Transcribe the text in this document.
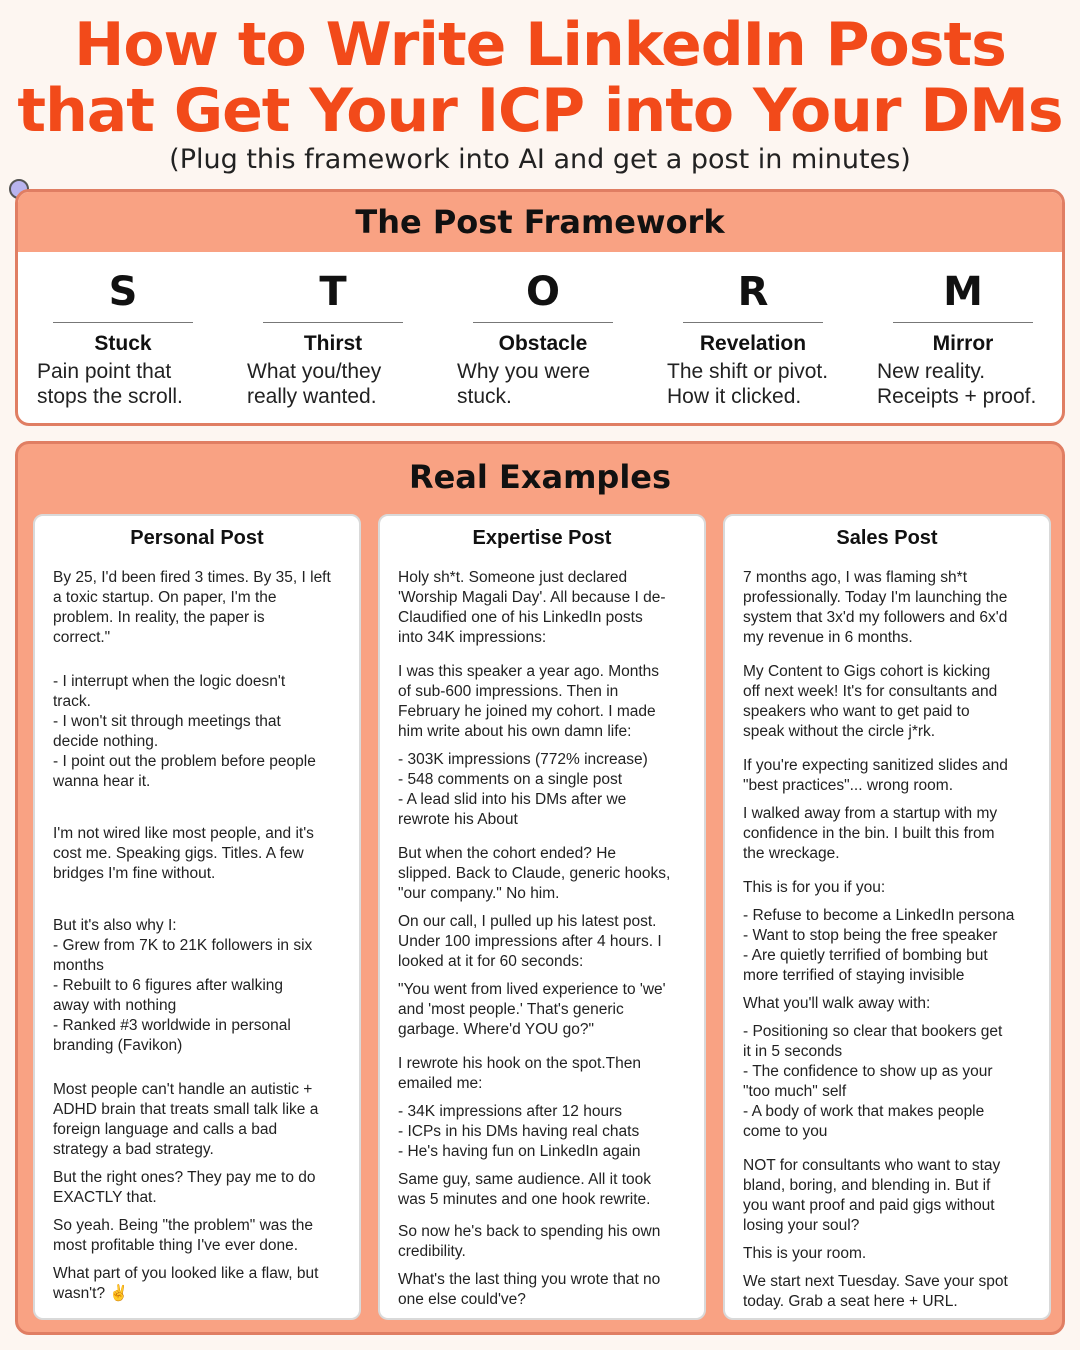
How to Write LinkedIn Posts
that Get Your ICP into Your DMs
(Plug this framework into AI and get a post in minutes)
The Post Framework
S
Stuck
Pain point that
stops the scroll.
T
Thirst
What you/they
really wanted.
O
Obstacle
Why you were
stuck.
R
Revelation
The shift or pivot.
How it clicked.
M
Mirror
New reality.
Receipts + proof.
Real Examples
Personal Post

By 25, I'd been fired 3 times. By 35, I left
a toxic startup. On paper, I'm the
problem. In reality, the paper is
correct."

- I interrupt when the logic doesn't
track.
- I won't sit through meetings that
decide nothing.
- I point out the problem before people
wanna hear it.

I'm not wired like most people, and it's
cost me. Speaking gigs. Titles. A few
bridges I'm fine without.

But it's also why I:
- Grew from 7K to 21K followers in six
months
- Rebuilt to 6 figures after walking
away with nothing
- Ranked #3 worldwide in personal
branding (Favikon)

Most people can't handle an autistic +
ADHD brain that treats small talk like a
foreign language and calls a bad
strategy a bad strategy.

But the right ones? They pay me to do
EXACTLY that.

So yeah. Being "the problem" was the
most profitable thing I've ever done.

What part of you looked like a flaw, but
wasn't? ✌️

Expertise Post

Holy sh*t. Someone just declared
'Worship Magali Day'. All because I de-
Claudified one of his LinkedIn posts
into 34K impressions:

I was this speaker a year ago. Months
of sub-600 impressions. Then in
February he joined my cohort. I made
him write about his own damn life:

- 303K impressions (772% increase)
- 548 comments on a single post
- A lead slid into his DMs after we
rewrote his About

But when the cohort ended? He
slipped. Back to Claude, generic hooks,
"our company." No him.

On our call, I pulled up his latest post.
Under 100 impressions after 4 hours. I
looked at it for 60 seconds:

"You went from lived experience to 'we'
and 'most people.' That's generic
garbage. Where'd YOU go?"

I rewrote his hook on the spot.Then
emailed me:

- 34K impressions after 12 hours
- ICPs in his DMs having real chats
- He's having fun on LinkedIn again

Same guy, same audience. All it took
was 5 minutes and one hook rewrite.

So now he's back to spending his own
credibility.

What's the last thing you wrote that no
one else could've?

Sales Post

7 months ago, I was flaming sh*t
professionally. Today I'm launching the
system that 3x'd my followers and 6x'd
my revenue in 6 months.

My Content to Gigs cohort is kicking
off next week! It's for consultants and
speakers who want to get paid to
speak without the circle j*rk.

If you're expecting sanitized slides and
"best practices"... wrong room.

I walked away from a startup with my
confidence in the bin. I built this from
the wreckage.

This is for you if you:

- Refuse to become a LinkedIn persona
- Want to stop being the free speaker
- Are quietly terrified of bombing but
more terrified of staying invisible

What you'll walk away with:

- Positioning so clear that bookers get
it in 5 seconds
- The confidence to show up as your
"too much" self
- A body of work that makes people
come to you

NOT for consultants who want to stay
bland, boring, and blending in. But if
you want proof and paid gigs without
losing your soul?

This is your room.

We start next Tuesday. Save your spot
today. Grab a seat here + URL.
